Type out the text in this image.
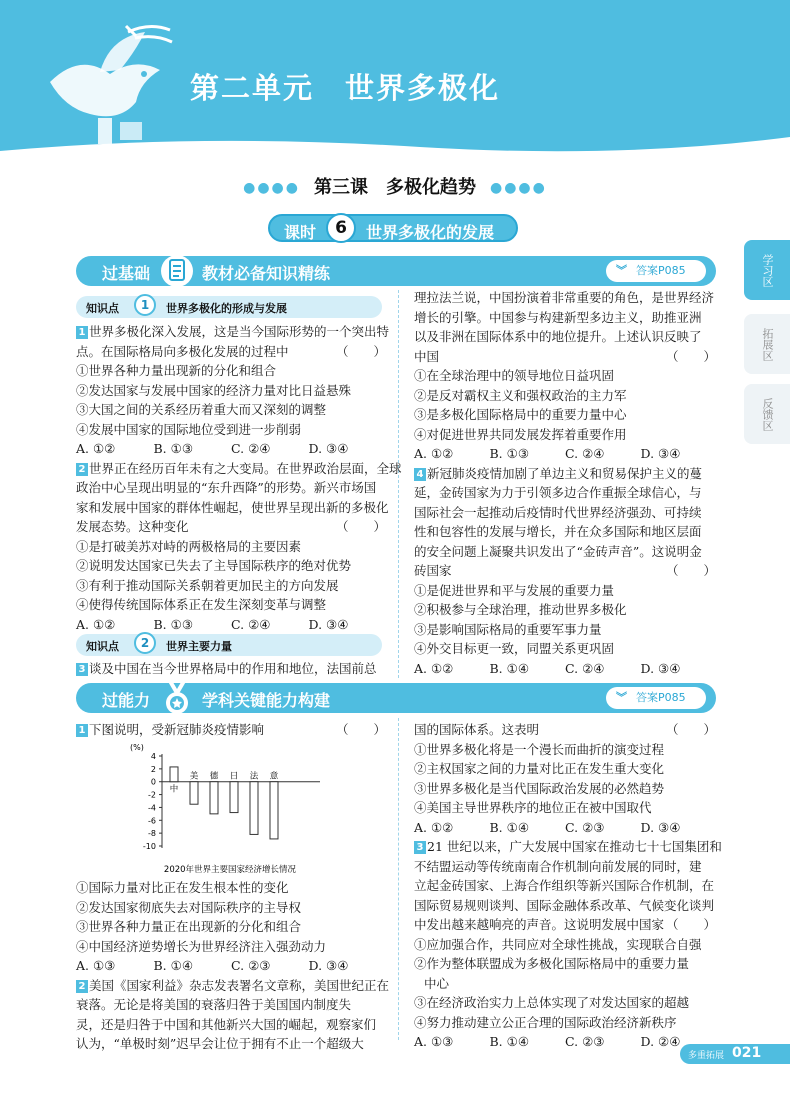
第二单元　世界多极化
●●●● 第三课　多极化趋势 ●●●●
课时	6	世界多极化的发展
过基础	教材必备知识精练	︾ 答案P085
知识点	1	世界多极化的形成与发展
1 世界多极化深入发展，这是当今国际形势的一个突出特
点。在国际格局向多极化发展的过程中	（　　）
①世界各种力量出现新的分化和组合
②发达国家与发展中国家的经济力量对比日益悬殊
③大国之间的关系经历着重大而又深刻的调整
④发展中国家的国际地位受到进一步削弱
A. ①②	B. ①③	C. ②④	D. ③④
2 世界正在经历百年未有之大变局。在世界政治层面，全球
政治中心呈现出明显的“东升西降”的形势。新兴市场国
家和发展中国家的群体性崛起，使世界呈现出新的多极化
发展态势。这种变化	（　　）
①是打破美苏对峙的两极格局的主要因素
②说明发达国家已失去了主导国际秩序的绝对优势
③有利于推动国际关系朝着更加民主的方向发展
④使得传统国际体系正在发生深刻变革与调整
A. ①②	B. ①③	C. ②④	D. ③④
知识点	2	世界主要力量
3 谈及中国在当今世界格局中的作用和地位，法国前总
理拉法兰说，中国扮演着非常重要的角色，是世界经济
增长的引擎。中国参与构建新型多边主义，助推亚洲
以及非洲在国际体系中的地位提升。上述认识反映了
中国	（　　）
①在全球治理中的领导地位日益巩固
②是反对霸权主义和强权政治的主力军
③是多极化国际格局中的重要力量中心
④对促进世界共同发展发挥着重要作用
A. ①②	B. ①③	C. ②④	D. ③④
4 新冠肺炎疫情加剧了单边主义和贸易保护主义的蔓
延，金砖国家为力于引领多边合作重振全球信心，与
国际社会一起推动后疫情时代世界经济强劲、可持续
性和包容性的发展与增长，并在众多国际和地区层面
的安全问题上凝聚共识发出了“金砖声音”。这说明金
砖国家	（　　）
①是促进世界和平与发展的重要力量
②积极参与全球治理，推动世界多极化
③是影响国际格局的重要军事力量
④外交目标更一致，同盟关系更巩固
A. ①②	B. ①④	C. ②④	D. ③④
过能力	学科关键能力构建	︾ 答案P085
1 下图说明，受新冠肺炎疫情影响	（　　）
(%)
4
2
0
-2
-4
-6
-8
-10
中
美 德 日 法 意
2020年世界主要国家经济增长情况
①国际力量对比正在发生根本性的变化
②发达国家彻底失去对国际秩序的主导权
③世界各种力量正在出现新的分化和组合
④中国经济逆势增长为世界经济注入强劲动力
A. ①③	B. ①④	C. ②③	D. ③④
2 美国《国家利益》杂志发表署名文章称，美国世纪正在
衰落。无论是将美国的衰落归咎于美国国内制度失
灵，还是归咎于中国和其他新兴大国的崛起，观察家们
认为，“单极时刻”迟早会让位于拥有不止一个超级大
国的国际体系。这表明	（　　）
①世界多极化将是一个漫长而曲折的演变过程
②主权国家之间的力量对比正在发生重大变化
③世界多极化是当代国际政治发展的必然趋势
④美国主导世界秩序的地位正在被中国取代
A. ①②	B. ①④	C. ②③	D. ③④
3 21 世纪以来，广大发展中国家在推动七十七国集团和
不结盟运动等传统南南合作机制向前发展的同时，建
立起金砖国家、上海合作组织等新兴国际合作机制，在
国际贸易规则谈判、国际金融体系改革、气候变化谈判
中发出越来越响亮的声音。这说明发展中国家 （　　）
①应加强合作，共同应对全球性挑战，实现联合自强
②作为整体联盟成为多极化国际格局中的重要力量
中心
③在经济政治实力上总体实现了对发达国家的超越
④努力推动建立公正合理的国际政治经济新秩序
A. ①③	B. ①④	C. ②③	D. ②④
学习区
拓展区
反馈区
多重拓展 021
